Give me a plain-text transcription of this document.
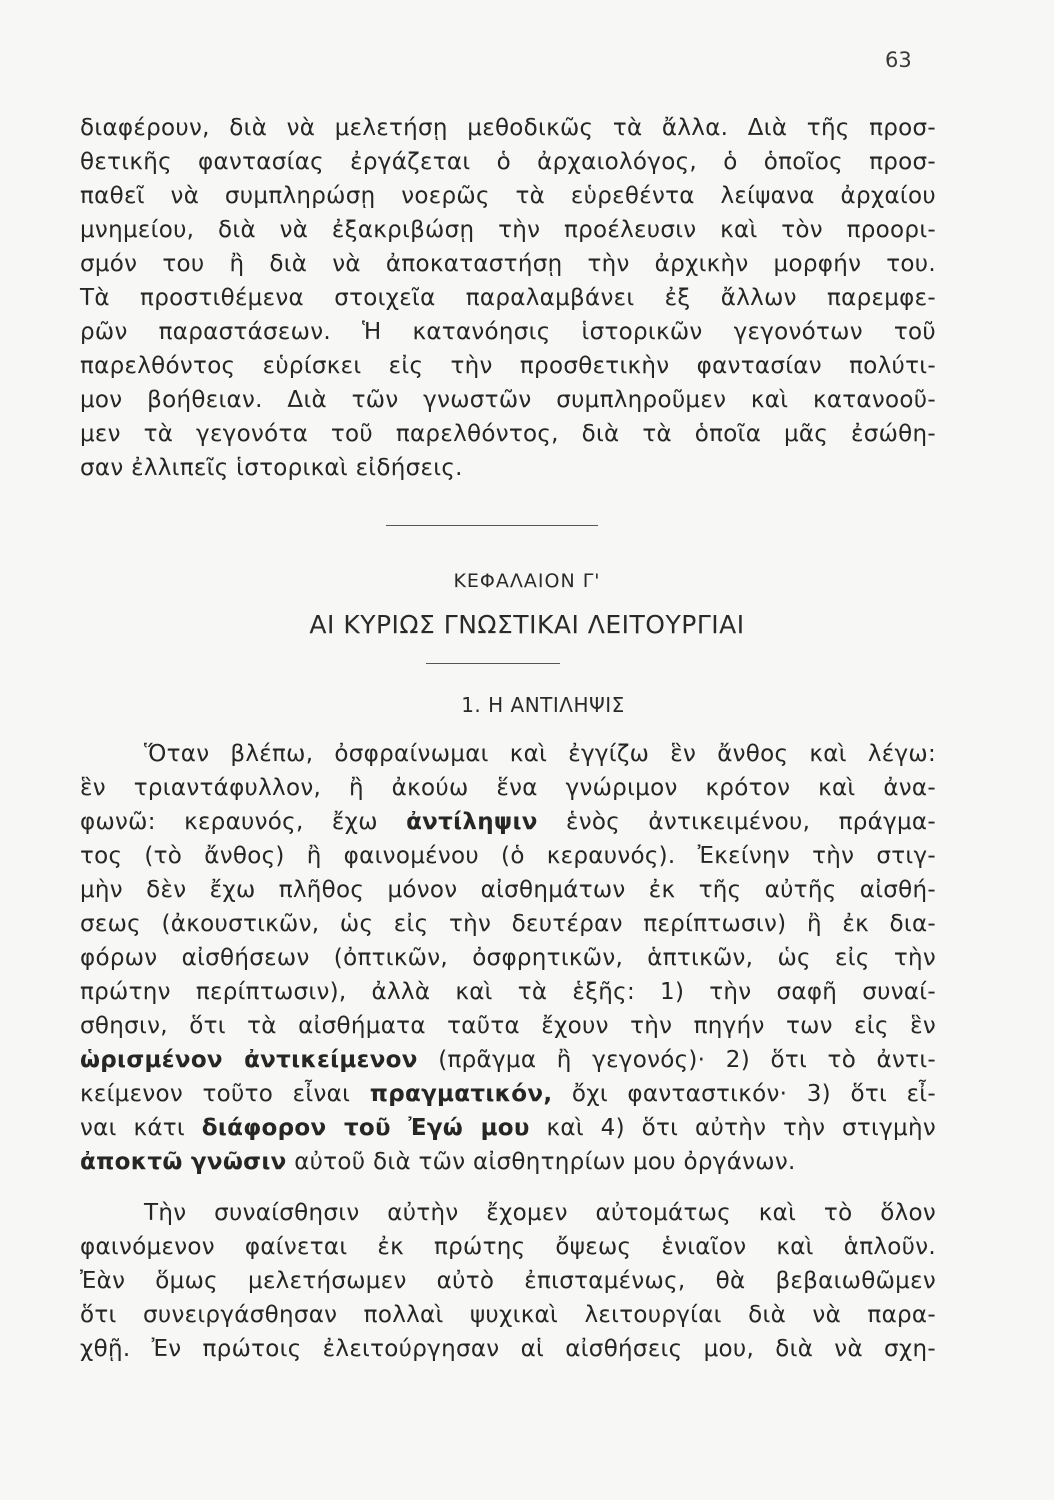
63
διαφέρουν, διὰ νὰ μελετήσῃ μεθοδικῶς τὰ ἄλλα. Διὰ τῆς προσ-
θετικῆς φαντασίας ἐργάζεται ὁ ἀρχαιολόγος, ὁ ὁποῖος προσ-
παθεῖ νὰ συμπληρώσῃ νοερῶς τὰ εὑρεθέντα λείψανα ἀρχαίου
μνημείου, διὰ νὰ ἐξακριβώσῃ τὴν προέλευσιν καὶ τὸν προορι-
σμόν του ἢ διὰ νὰ ἀποκαταστήσῃ τὴν ἀρχικὴν μορφήν του.
Τὰ προστιθέμενα στοιχεῖα παραλαμβάνει ἐξ ἄλλων παρεμφε-
ρῶν παραστάσεων. Ἡ κατανόησις ἱστορικῶν γεγονότων τοῦ
παρελθόντος εὑρίσκει εἰς τὴν προσθετικὴν φαντασίαν πολύτι-
μον βοήθειαν. Διὰ τῶν γνωστῶν συμπληροῦμεν καὶ κατανοοῦ-
μεν τὰ γεγονότα τοῦ παρελθόντος, διὰ τὰ ὁποῖα μᾶς ἐσώθη-
σαν ἐλλιπεῖς ἱστορικαὶ εἰδήσεις.
ΚΕΦΑΛΑΙΟΝ Γ'
ΑΙ ΚΥΡΙΩΣ ΓΝΩΣΤΙΚΑΙ ΛΕΙΤΟΥΡΓΙΑΙ
1. Η ΑΝΤΙΛΗΨΙΣ
Ὅταν βλέπω, ὀσφραίνωμαι καὶ ἐγγίζω ἓν ἄνθος καὶ λέγω:
ἓν τριαντάφυλλον, ἢ ἀκούω ἕνα γνώριμον κρότον καὶ ἀνα-
φωνῶ: κεραυνός, ἔχω ἀντίληψιν ἑνὸς ἀντικειμένου, πράγμα-
τος (τὸ ἄνθος) ἢ φαινομένου (ὁ κεραυνός). Ἐκείνην τὴν στιγ-
μὴν δὲν ἔχω πλῆθος μόνον αἰσθημάτων ἐκ τῆς αὐτῆς αἰσθή-
σεως (ἀκουστικῶν, ὡς εἰς τὴν δευτέραν περίπτωσιν) ἢ ἐκ δια-
φόρων αἰσθήσεων (ὀπτικῶν, ὀσφρητικῶν, ἁπτικῶν, ὡς εἰς τὴν
πρώτην περίπτωσιν), ἀλλὰ καὶ τὰ ἑξῆς: 1) τὴν σαφῆ συναί-
σθησιν, ὅτι τὰ αἰσθήματα ταῦτα ἔχουν τὴν πηγήν των εἰς ἓν
ὡρισμένον ἀντικείμενον (πρᾶγμα ἢ γεγονός)· 2) ὅτι τὸ ἀντι-
κείμενον τοῦτο εἶναι πραγματικόν, ὄχι φανταστικόν· 3) ὅτι εἶ-
ναι κάτι διάφορον τοῦ Ἐγώ μου καὶ 4) ὅτι αὐτὴν τὴν στιγμὴν
ἀποκτῶ γνῶσιν αὐτοῦ διὰ τῶν αἰσθητηρίων μου ὀργάνων.
Τὴν συναίσθησιν αὐτὴν ἔχομεν αὐτομάτως καὶ τὸ ὅλον
φαινόμενον φαίνεται ἐκ πρώτης ὄψεως ἑνιαῖον καὶ ἁπλοῦν.
Ἐὰν ὅμως μελετήσωμεν αὐτὸ ἐπισταμένως, θὰ βεβαιωθῶμεν
ὅτι συνειργάσθησαν πολλαὶ ψυχικαὶ λειτουργίαι διὰ νὰ παρα-
χθῇ. Ἐν πρώτοις ἐλειτούργησαν αἱ αἰσθήσεις μου, διὰ νὰ σχη-
